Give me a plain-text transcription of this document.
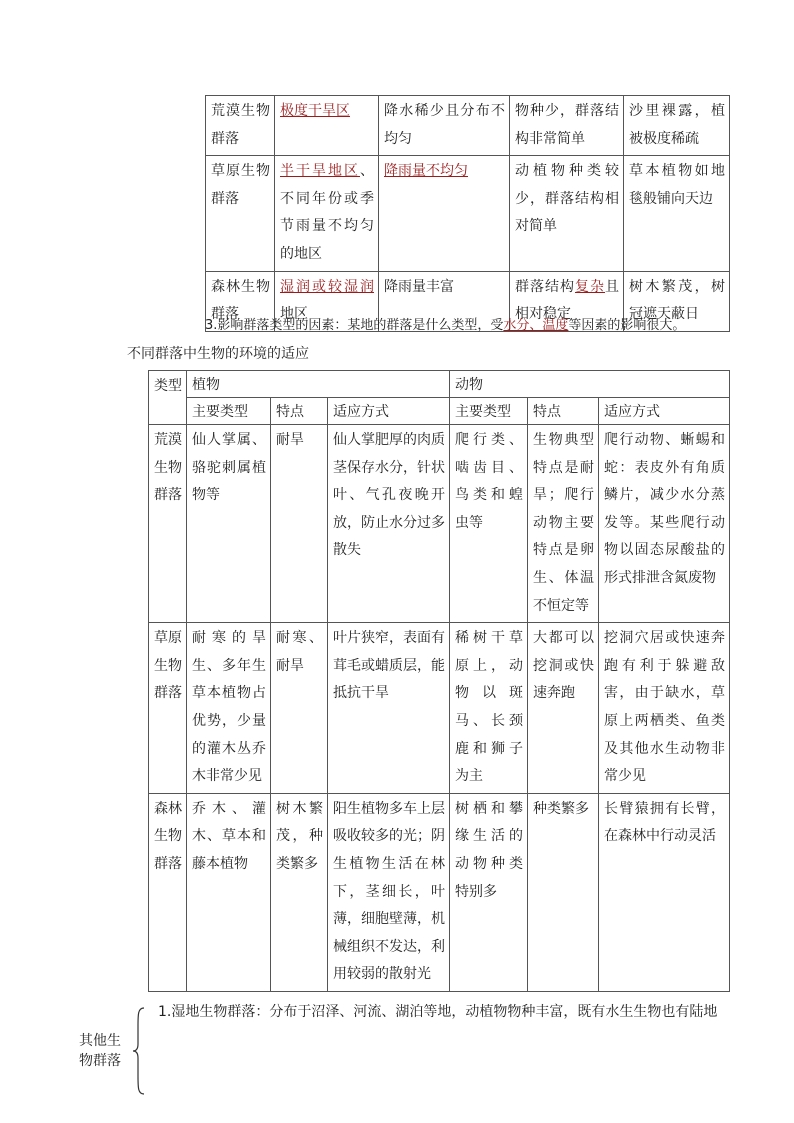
荒漠生物群落	极度干旱区	降水稀少且分布不均匀	物种少，群落结构非常简单	沙里裸露，植被极度稀疏
草原生物群落	半干旱地区、不同年份或季节雨量不均匀的地区	降雨量不均匀	动植物种类较少，群落结构相对简单	草本植物如地毯般铺向天边
森林生物群落	湿润或较湿润地区	降雨量丰富	群落结构复杂且相对稳定	树木繁茂，树冠遮天蔽日
3.影响群落类型的因素：某地的群落是什么类型，受水分、温度等因素的影响很大。
不同群落中生物的环境的适应
类型	植物			动物		
	主要类型	特点	适应方式	主要类型	特点	适应方式
荒漠生物群落	仙人掌属、骆驼刺属植物等	耐旱	仙人掌肥厚的肉质茎保存水分，针状叶、气孔夜晚开放，防止水分过多散失	爬行类、啮齿目、鸟类和蝗虫等	生物典型特点是耐旱；爬行动物主要特点是卵生、体温不恒定等	爬行动物、蜥蜴和蛇：表皮外有角质鳞片，减少水分蒸发等。某些爬行动物以固态尿酸盐的形式排泄含氮废物
草原生物群落	耐寒的旱生、多年生草本植物占优势，少量的灌木丛乔木非常少见	耐寒、耐旱	叶片狭窄，表面有茸毛或蜡质层，能抵抗干旱	稀树干草原上，动物以斑马、长颈鹿和狮子为主	大都可以挖洞或快速奔跑	挖洞穴居或快速奔跑有利于躲避敌害，由于缺水，草原上两栖类、鱼类及其他水生动物非常少见
森林生物群落	乔木、灌木、草本和藤本植物	树木繁茂，种类繁多	阳生植物多车上层吸收较多的光；阴生植物生活在林下，茎细长，叶薄，细胞壁薄，机械组织不发达，利用较弱的散射光	树栖和攀缘生活的动物种类特别多	种类繁多	长臂猿拥有长臂，在森林中行动灵活
其他生物群落
1.湿地生物群落：分布于沼泽、河流、湖泊等地，动植物物种丰富，既有水生生物也有陆地
